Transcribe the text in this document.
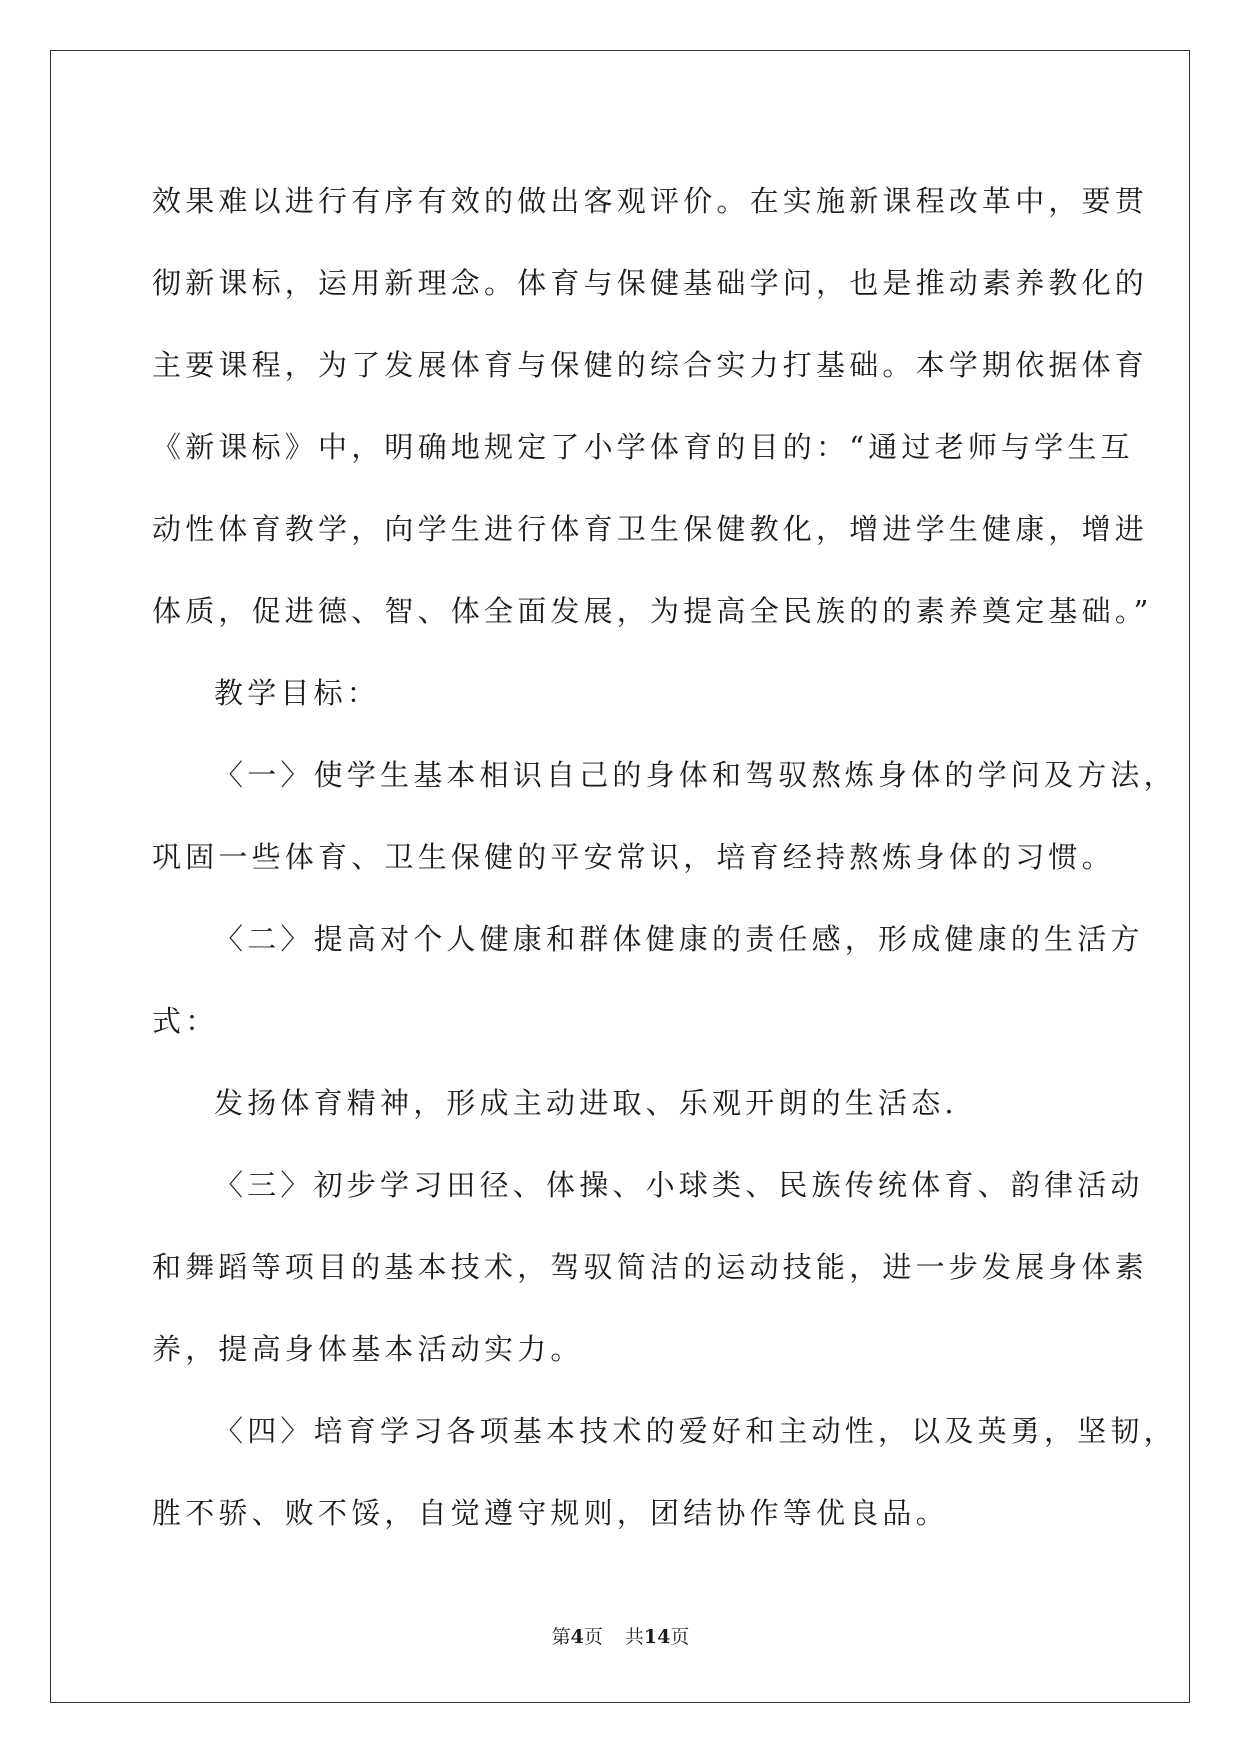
效果难以进行有序有效的做出客观评价。在实施新课程改革中，要贯
彻新课标，运用新理念。体育与保健基础学问，也是推动素养教化的
主要课程，为了发展体育与保健的综合实力打基础。本学期依据体育
《新课标》中，明确地规定了小学体育的目的：“通过老师与学生互
动性体育教学，向学生进行体育卫生保健教化，增进学生健康，增进
体质，促进德、智、体全面发展，为提高全民族的的素养奠定基础。”
教学目标：
〈一〉使学生基本相识自己的身体和驾驭熬炼身体的学问及方法，
巩固一些体育、卫生保健的平安常识，培育经持熬炼身体的习惯。
〈二〉提高对个人健康和群体健康的责任感，形成健康的生活方
式：
发扬体育精神，形成主动进取、乐观开朗的生活态.
〈三〉初步学习田径、体操、小球类、民族传统体育、韵律活动
和舞蹈等项目的基本技术，驾驭简洁的运动技能，进一步发展身体素
养，提高身体基本活动实力。
〈四〉培育学习各项基本技术的爱好和主动性，以及英勇，坚韧，
胜不骄、败不馁，自觉遵守规则，团结协作等优良品。
第4页 共14页
